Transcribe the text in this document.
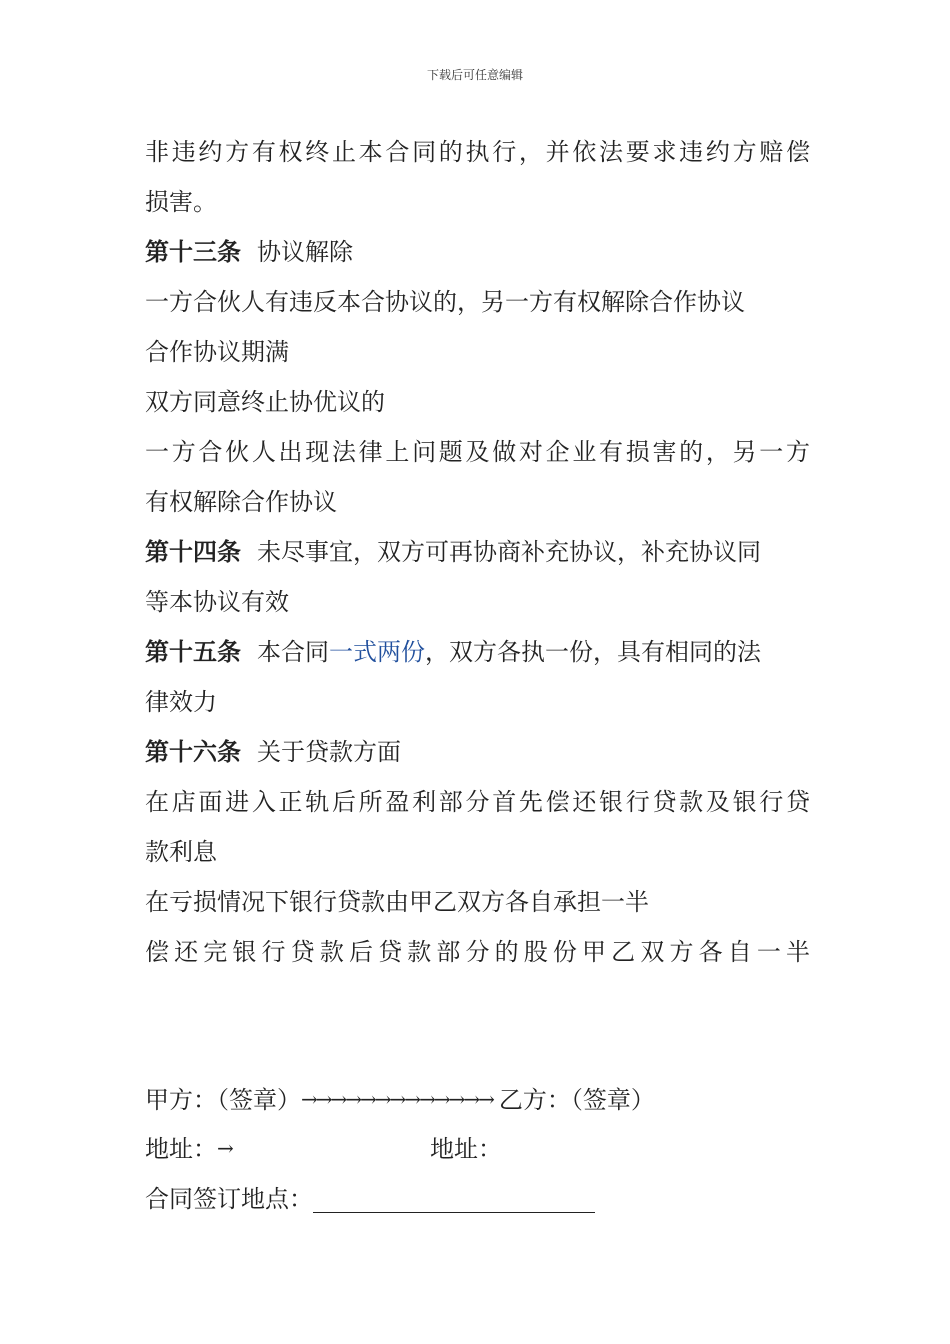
下载后可任意编辑
非违约方有权终止本合同的执行，并依法要求违约方赔偿
损害。
第十三条 协议解除
一方合伙人有违反本合协议的，另一方有权解除合作协议
合作协议期满
双方同意终止协优议的
一方合伙人出现法律上问题及做对企业有损害的，另一方
有权解除合作协议
第十四条 未尽事宜，双方可再协商补充协议，补充协议同
等本协议有效
第十五条 本合同一式两份，双方各执一份，具有相同的法
律效力
第十六条 关于贷款方面
在店面进入正轨后所盈利部分首先偿还银行贷款及银行贷
款利息
在亏损情况下银行贷款由甲乙双方各自承担一半
偿还完银行贷款后贷款部分的股份甲乙双方各自一半
甲方：（签章）→→→→→→→→→→→→→ 乙方：（签章）
地址：→	地址：
合同签订地点：
